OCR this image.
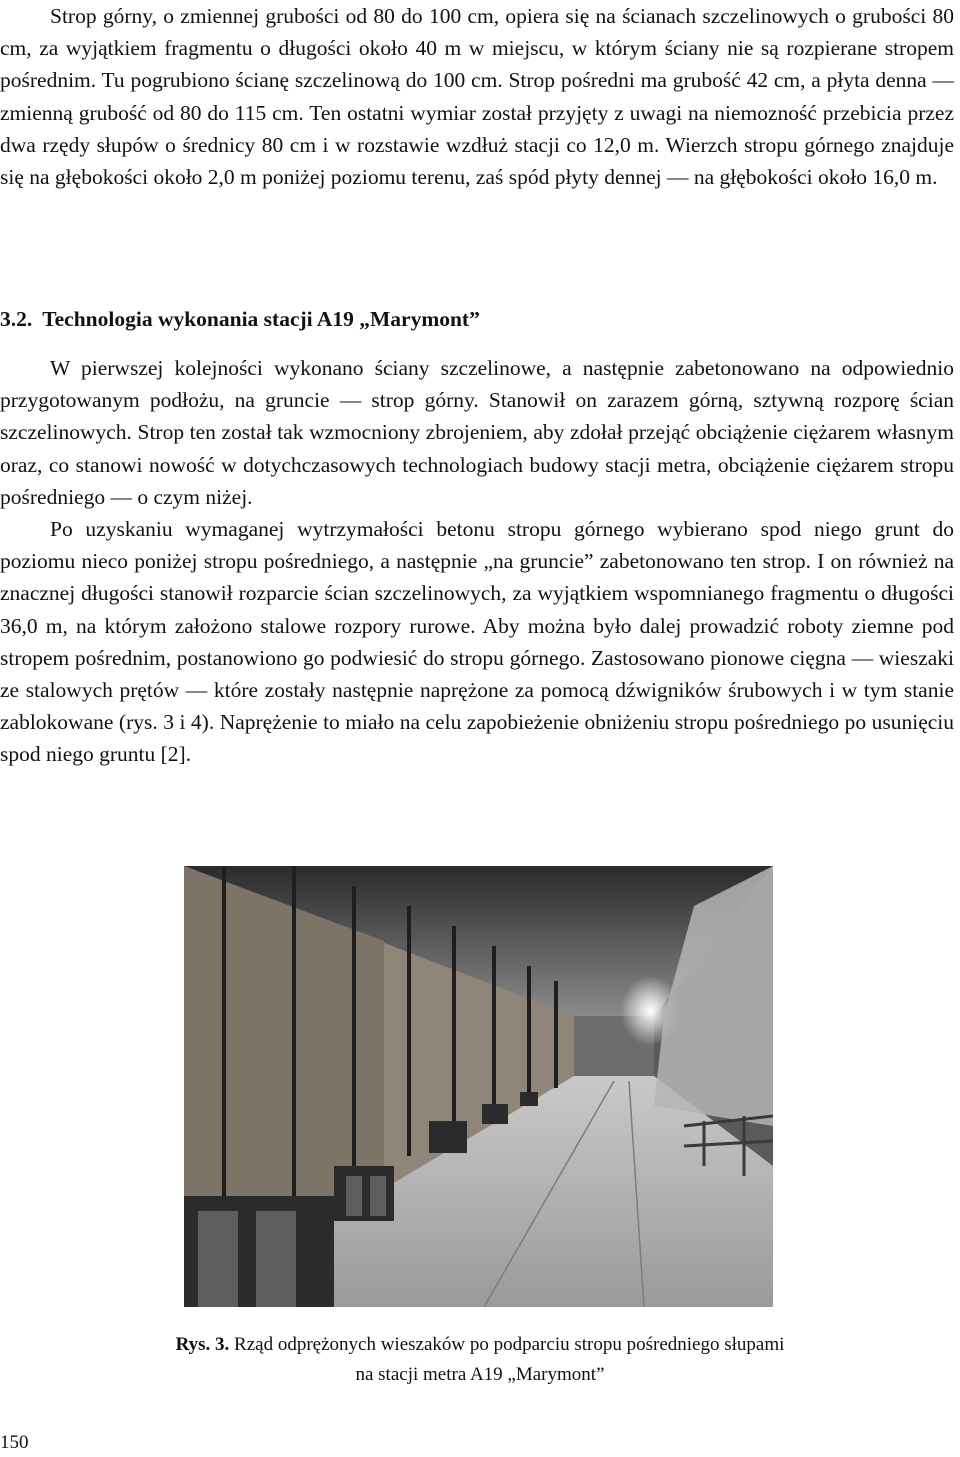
Strop górny, o zmiennej grubości od 80 do 100 cm, opiera się na ścianach szczelinowych o grubości 80 cm, za wyjątkiem fragmentu o długości około 40 m w miejscu, w którym ściany nie są rozpierane stropem pośrednim. Tu pogrubiono ścianę szczelinową do 100 cm. Strop pośredni ma grubość 42 cm, a płyta denna — zmienną grubość od 80 do 115 cm. Ten ostatni wymiar został przyjęty z uwagi na niemozność przebicia przez dwa rzędy słupów o średnicy 80 cm i w rozstawie wzdłuż stacji co 12,0 m. Wierzch stropu górnego znajduje się na głębokości około 2,0 m poniżej poziomu terenu, zaś spód płyty dennej — na głębokości około 16,0 m.

3.2. Technologia wykonania stacji A19 „Marymont”

W pierwszej kolejności wykonano ściany szczelinowe, a następnie zabetonowano na odpowiednio przygotowanym podłożu, na gruncie — strop górny. Stanowił on zarazem górną, sztywną rozporę ścian szczelinowych. Strop ten został tak wzmocniony zbrojeniem, aby zdołał przejąć obciążenie ciężarem własnym oraz, co stanowi nowość w dotychczasowych technologiach budowy stacji metra, obciążenie ciężarem stropu pośredniego — o czym niżej.

Po uzyskaniu wymaganej wytrzymałości betonu stropu górnego wybierano spod niego grunt do poziomu nieco poniżej stropu pośredniego, a następnie „na gruncie” zabetonowano ten strop. I on również na znacznej długości stanowił rozparcie ścian szczelinowych, za wyjątkiem wspomnianego fragmentu o długości 36,0 m, na którym założono stalowe rozpory rurowe. Aby można było dalej prowadzić roboty ziemne pod stropem pośrednim, postanowiono go podwiesić do stropu górnego. Zastosowano pionowe cięgna — wieszaki ze stalowych prętów — które zostały następnie naprężone za pomocą dźwigników śrubowych i w tym stanie zablokowane (rys. 3 i 4). Naprężenie to miało na celu zapobieżenie obniżeniu stropu pośredniego po usunięciu spod niego gruntu [2].

Rys. 3. Rząd odprężonych wieszaków po podparciu stropu pośredniego słupami
na stacji metra A19 „Marymont”
150
